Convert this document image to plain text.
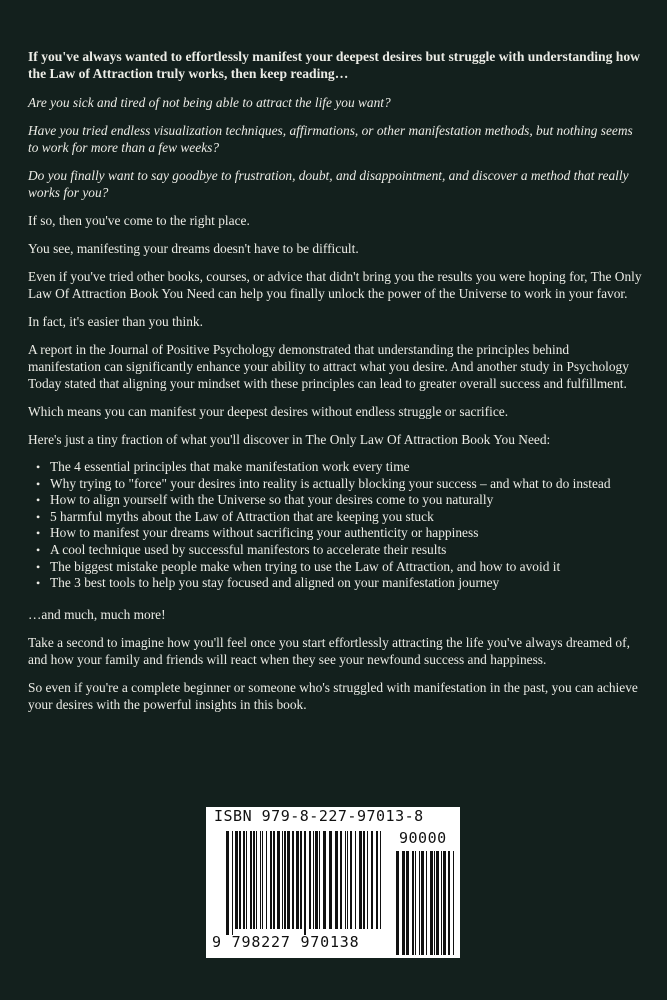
If you've always wanted to effortlessly manifest your deepest desires but struggle with understanding how the Law of Attraction truly works, then keep reading…

Are you sick and tired of not being able to attract the life you want?

Have you tried endless visualization techniques, affirmations, or other manifestation methods, but nothing seems to work for more than a few weeks?

Do you finally want to say goodbye to frustration, doubt, and disappointment, and discover a method that really works for you?

If so, then you've come to the right place.

You see, manifesting your dreams doesn't have to be difficult.

Even if you've tried other books, courses, or advice that didn't bring you the results you were hoping for, The Only Law Of Attraction Book You Need can help you finally unlock the power of the Universe to work in your favor.

In fact, it's easier than you think.

A report in the Journal of Positive Psychology demonstrated that understanding the principles behind manifestation can significantly enhance your ability to attract what you desire. And another study in Psychology Today stated that aligning your mindset with these principles can lead to greater overall success and fulfillment.

Which means you can manifest your deepest desires without endless struggle or sacrifice.

Here's just a tiny fraction of what you'll discover in The Only Law Of Attraction Book You Need:

• The 4 essential principles that make manifestation work every time
• Why trying to "force" your desires into reality is actually blocking your success – and what to do instead
• How to align yourself with the Universe so that your desires come to you naturally
• 5 harmful myths about the Law of Attraction that are keeping you stuck
• How to manifest your dreams without sacrificing your authenticity or happiness
• A cool technique used by successful manifestors to accelerate their results
• The biggest mistake people make when trying to use the Law of Attraction, and how to avoid it
• The 3 best tools to help you stay focused and aligned on your manifestation journey

…and much, much more!

Take a second to imagine how you'll feel once you start effortlessly attracting the life you've always dreamed of, and how your family and friends will react when they see your newfound success and happiness.

So even if you're a complete beginner or someone who's struggled with manifestation in the past, you can achieve your desires with the powerful insights in this book.

ISBN 979-8-227-97013-8
90000
9 798227 970138
